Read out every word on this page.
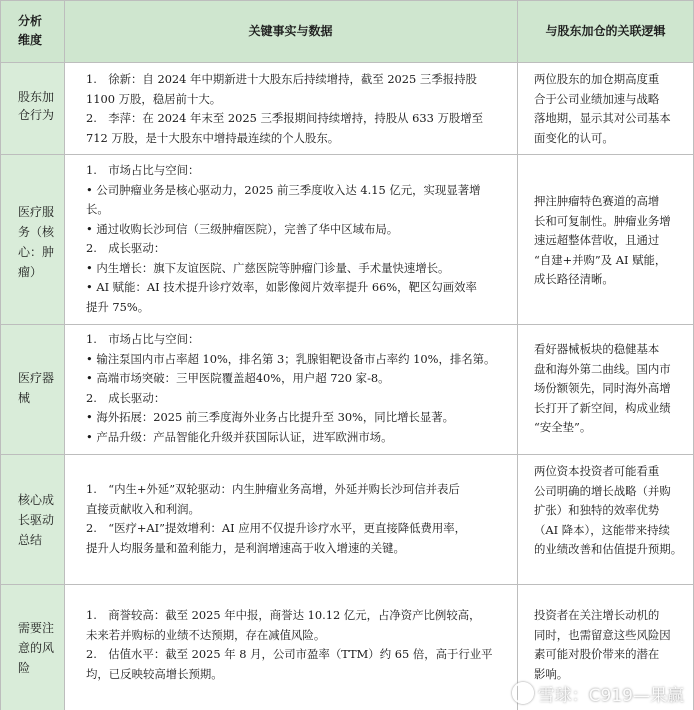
分析
维度
关键事实与数据	与股东加仓的关联逻辑
股东加
仓行为
1.　徐新：自 2024 年中期新进十大股东后持续增持，截至 2025 三季报持股
1100 万股，稳居前十大。
2.　李萍：在 2024 年末至 2025 三季报期间持续增持，持股从 633 万股增至
712 万股，是十大股东中增持最连续的个人股东。
两位股东的加仓期高度重
合于公司业绩加速与战略
落地期，显示其对公司基本
面变化的认可。
医疗服
务（核
心：肿
瘤）
1.　市场占比与空间：
• 公司肿瘤业务是核心驱动力，2025 前三季度收入达 4.15 亿元，实现显著增
长。
• 通过收购长沙珂信（三级肿瘤医院），完善了华中区域布局。
2.　成长驱动：
• 内生增长：旗下友谊医院、广慈医院等肿瘤门诊量、手术量快速增长。
• AI 赋能：AI 技术提升诊疗效率，如影像阅片效率提升 66%，靶区勾画效率
提升 75%。
押注肿瘤特色赛道的高增
长和可复制性。肿瘤业务增
速远超整体营收，且通过
“自建+并购”及 AI 赋能，
成长路径清晰。
医疗器
械
1.　市场占比与空间：
• 输注泵国内市占率超 10%，排名第 3；乳腺钼靶设备市占率约 10%，排名第。
• 高端市场突破：三甲医院覆盖超40%，用户超 720 家-8。
2.　成长驱动：
• 海外拓展：2025 前三季度海外业务占比提升至 30%，同比增长显著。
• 产品升级：产品智能化升级并获国际认证，进军欧洲市场。
看好器械板块的稳健基本
盘和海外第二曲线。国内市
场份额领先，同时海外高增
长打开了新空间，构成业绩
“安全垫”。
核心成
长驱动
总结
1.　“内生+外延”双轮驱动：内生肿瘤业务高增，外延并购长沙珂信并表后
直接贡献收入和利润。
2.　“医疗+AI”提效增利：AI 应用不仅提升诊疗水平，更直接降低费用率，
提升人均服务量和盈利能力，是利润增速高于收入增速的关键。
两位资本投资者可能看重
公司明确的增长战略（并购
扩张）和独特的效率优势
（AI 降本），这能带来持续
的业绩改善和估值提升预期。
需要注
意的风
险
1.　商誉较高：截至 2025 年中报，商誉达 10.12 亿元，占净资产比例较高，
未来若并购标的业绩不达预期，存在减值风险。
2.　估值水平：截至 2025 年 8 月，公司市盈率（TTM）约 65 倍，高于行业平
均，已反映较高增长预期。
投资者在关注增长动机的
同时，也需留意这些风险因
素可能对股价带来的潜在
影响。
雪球：C919—果赢
